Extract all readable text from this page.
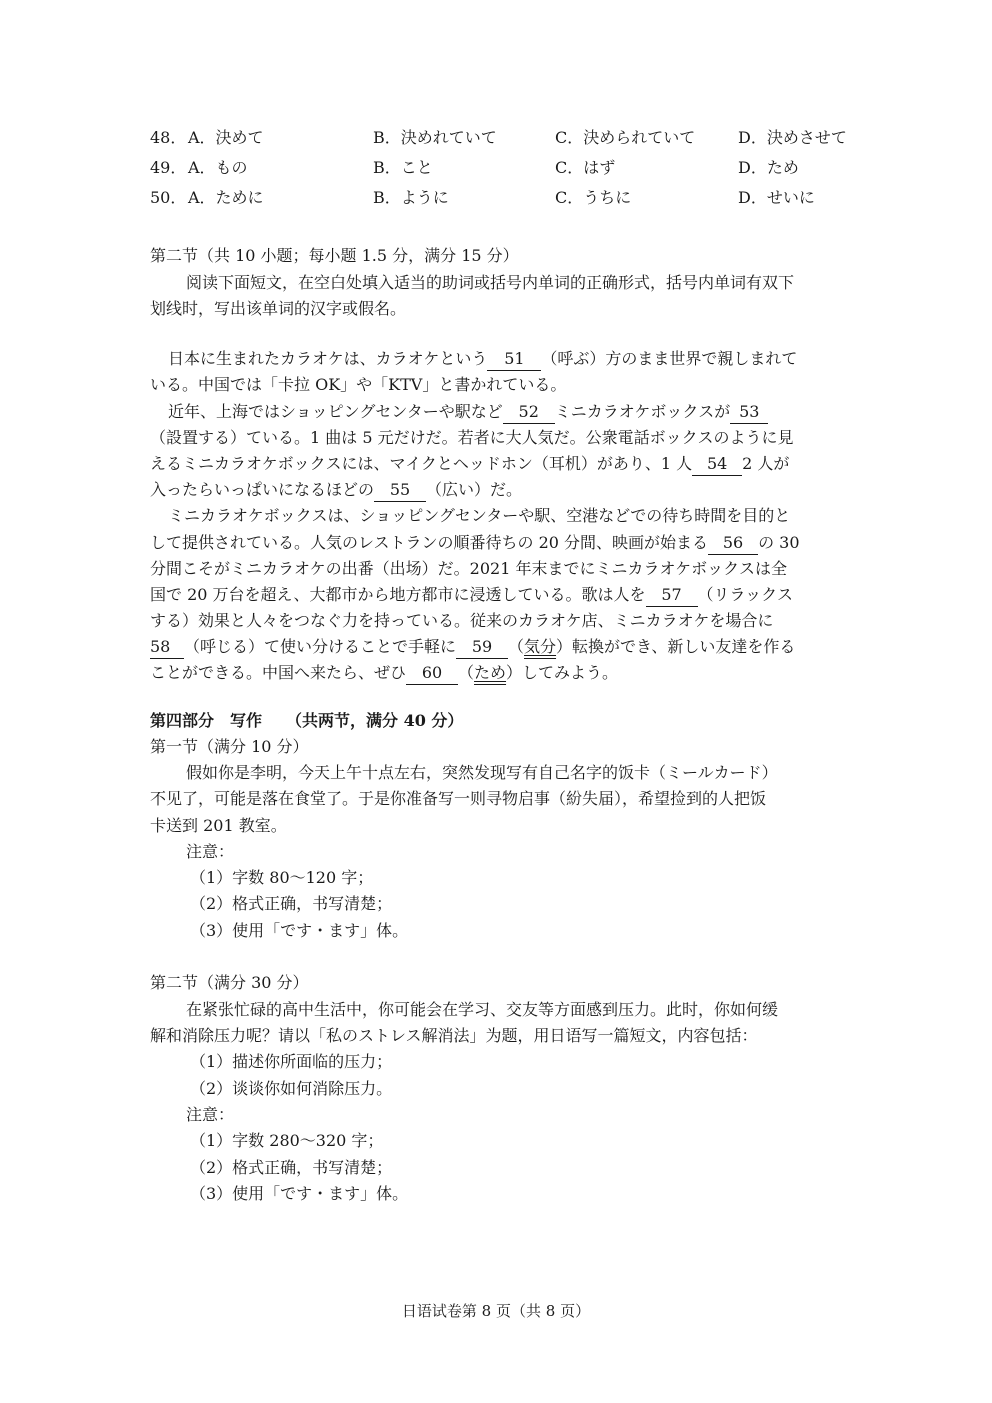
48． A．決めて	B．決めれていて	C．決められていて	D．決めさせて
49． A．もの	B．こと	C．はず	D．ため
50． A．ために	B．ように	C．うちに	D．せいに
第二节（共 10 小题；每小题 1.5 分，满分 15 分）
阅读下面短文，在空白处填入适当的助词或括号内单词的正确形式，括号内单词有双下
划线时，写出该单词的汉字或假名。
日本に生まれたカラオケは、カラオケという 51 （呼ぶ）方のまま世界で親しまれて
いる。中国では「卡拉 OK」や「KTV」と書かれている。
近年、上海ではショッピングセンターや駅など 52 ミニカラオケボックスが 53
（設置する）ている。1 曲は 5 元だけだ。若者に大人気だ。公衆電話ボックスのように見
えるミニカラオケボックスには、マイクとヘッドホン（耳机）があり、1 人 54 2 人が
入ったらいっぱいになるほどの 55 （広い）だ。
ミニカラオケボックスは、ショッピングセンターや駅、空港などでの待ち時間を目的と
して提供されている。人気のレストランの順番待ちの 20 分間、映画が始まる 56 の 30
分間こそがミニカラオケの出番（出场）だ。2021 年末までにミニカラオケボックスは全
国で 20 万台を超え、大都市から地方都市に浸透している。歌は人を 57 （リラックス
する）効果と人々をつなぐ力を持っている。従来のカラオケ店、ミニカラオケを場合に
58 （呼じる）て使い分けることで手軽に 59 （気分）転換ができ、新しい友達を作る
ことができる。中国へ来たら、ぜひ 60 （ため）してみよう。
第四部分　写作　　（共两节，满分 40 分）
第一节（满分 10 分）
假如你是李明，今天上午十点左右，突然发现写有自己名字的饭卡（ミールカード）
不见了，可能是落在食堂了。于是你准备写一则寻物启事（紛失届），希望捡到的人把饭
卡送到 201 教室。
注意：
（1）字数 80～120 字；
（2）格式正确，书写清楚；
（3）使用「です・ます」体。
第二节（满分 30 分）
在紧张忙碌的高中生活中，你可能会在学习、交友等方面感到压力。此时，你如何缓
解和消除压力呢？请以「私のストレス解消法」为题，用日语写一篇短文，内容包括：
（1）描述你所面临的压力；
（2）谈谈你如何消除压力。
注意：
（1）字数 280～320 字；
（2）格式正确，书写清楚；
（3）使用「です・ます」体。
日语试卷第 8 页（共 8 页）
